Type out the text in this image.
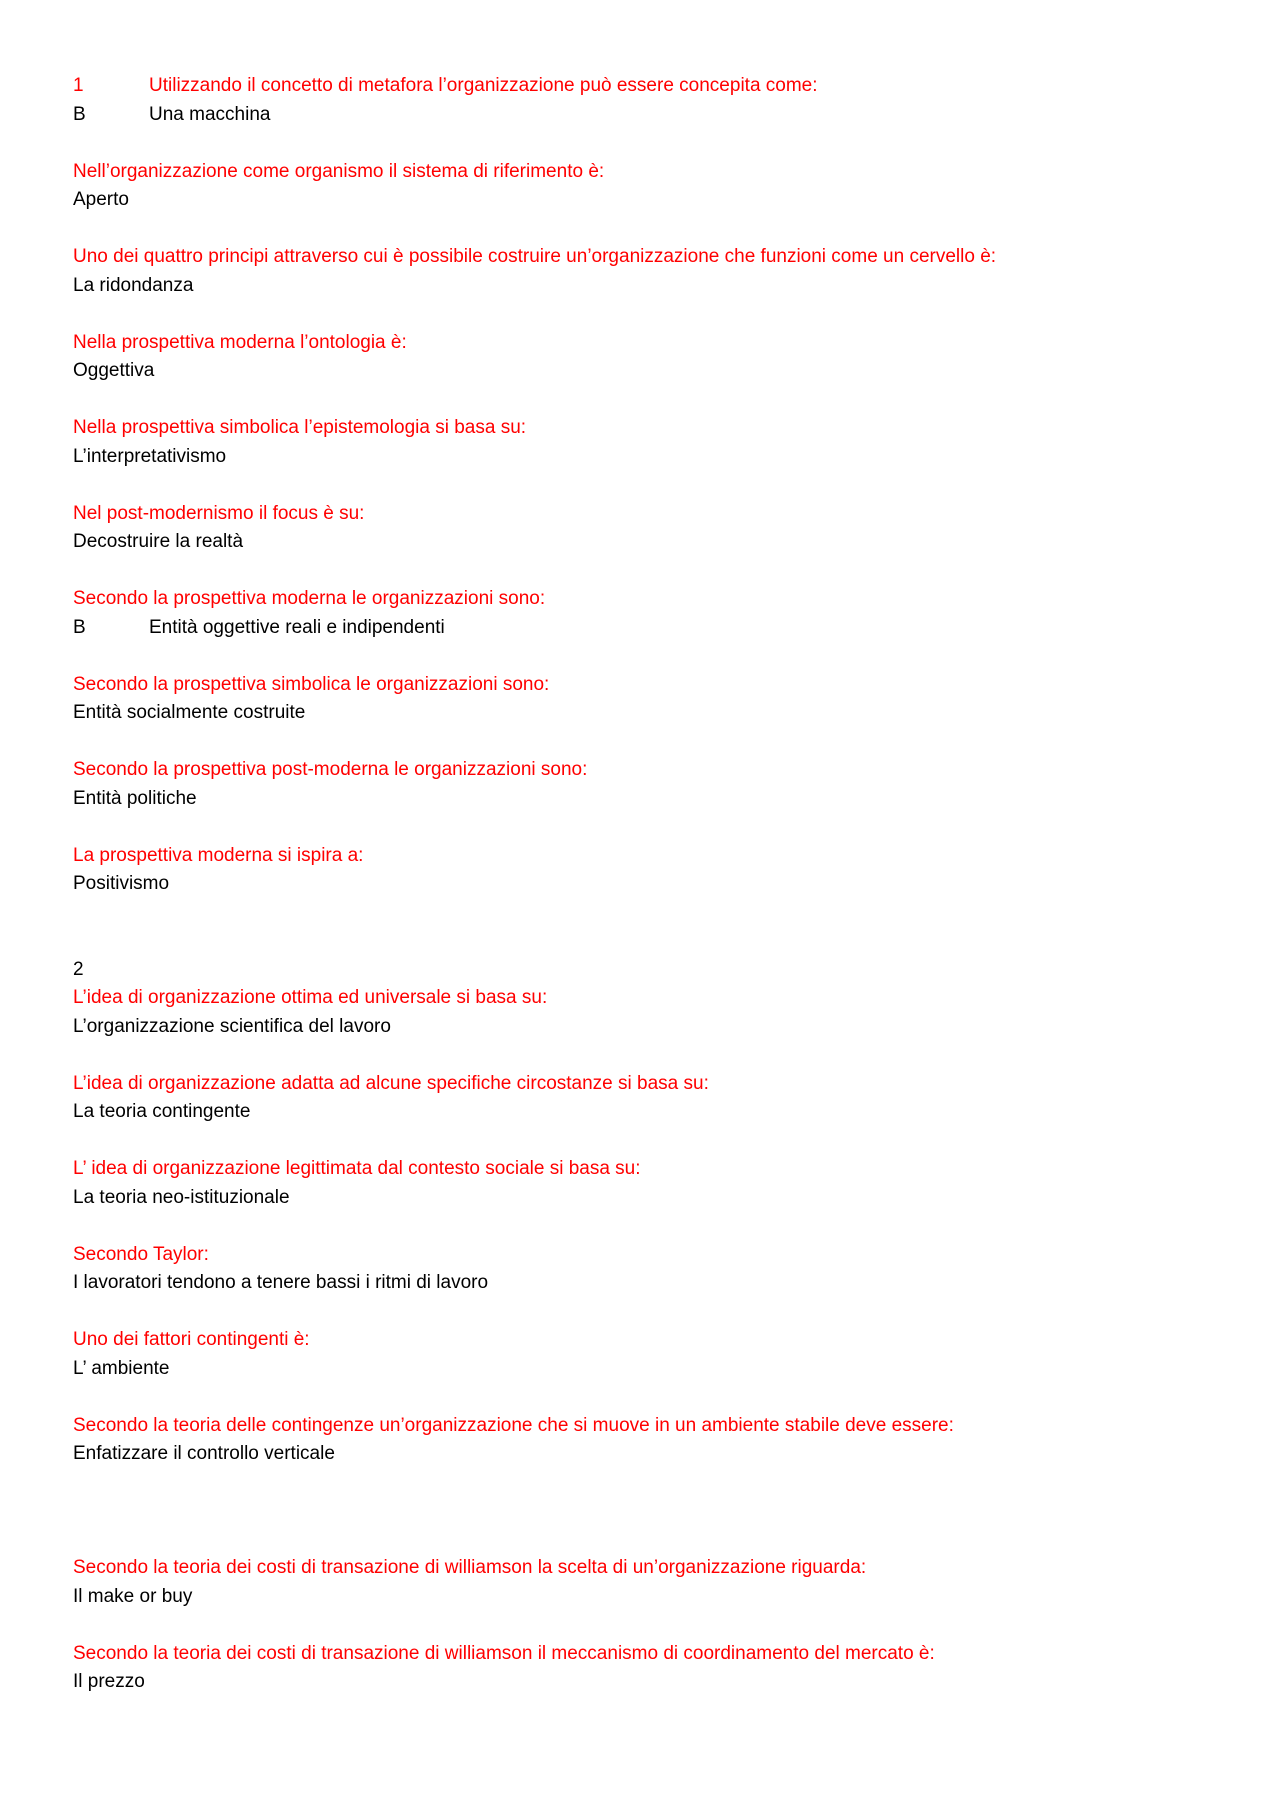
1	Utilizzando il concetto di metafora l’organizzazione può essere concepita come:
B	Una macchina
Nell’organizzazione come organismo il sistema di riferimento è:
Aperto
Uno dei quattro principi attraverso cui è possibile costruire un’organizzazione che funzioni come un cervello è:
La ridondanza
Nella prospettiva moderna l’ontologia è:
Oggettiva
Nella prospettiva simbolica l’epistemologia si basa su:
L’interpretativismo
Nel post-modernismo il focus è su:
Decostruire la realtà
Secondo la prospettiva moderna le organizzazioni sono:
B	Entità oggettive reali e indipendenti
Secondo la prospettiva simbolica le organizzazioni sono:
Entità socialmente costruite
Secondo la prospettiva post-moderna le organizzazioni sono:
Entità politiche
La prospettiva moderna si ispira a:
Positivismo
2
L’idea di organizzazione ottima ed universale si basa su:
L’organizzazione scientifica del lavoro
L’idea di organizzazione adatta ad alcune specifiche circostanze si basa su:
La teoria contingente
L’ idea di organizzazione legittimata dal contesto sociale si basa su:
La teoria neo-istituzionale
Secondo Taylor:
I lavoratori tendono a tenere bassi i ritmi di lavoro
Uno dei fattori contingenti è:
L’ ambiente
Secondo la teoria delle contingenze un’organizzazione che si muove in un ambiente stabile deve essere:
Enfatizzare il controllo verticale
Secondo la teoria dei costi di transazione di williamson la scelta di un’organizzazione riguarda:
Il make or buy
Secondo la teoria dei costi di transazione di williamson il meccanismo di coordinamento del mercato è:
Il prezzo
